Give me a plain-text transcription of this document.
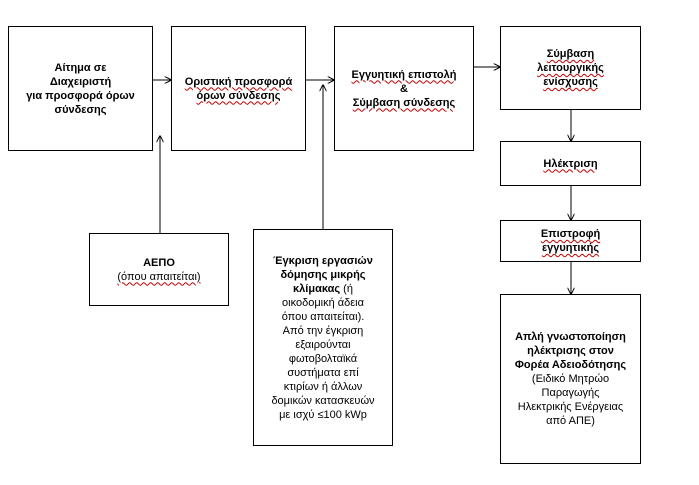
Αίτημα σε
Διαχειριστή
για προσφορά όρων
σύνδεσης
Οριστική προσφορά
όρων σύνδεσης
Εγγυητική επιστολή
&
Σύμβαση σύνδεσης
Σύμβαση
λειτουργικής
ενίσχυσης
Ηλέκτριση
Επιστροφή
εγγυητικής
ΑΕΠΟ
(όπου απαιτείται)
Έγκριση εργασιών
δόμησης μικρής
κλίμακας (ή
οικοδομική άδεια
όπου απαιτείται).
Από την έγκριση
εξαιρούνται
φωτοβολταϊκά
συστήματα επί
κτιρίων ή άλλων
δομικών κατασκευών
με ισχύ ≤100 kWp
Απλή γνωστοποίηση
ηλέκτρισης στον
Φορέα Αδειοδότησης
(Ειδικό Μητρώο
Παραγωγής
Ηλεκτρικής Ενέργειας
από ΑΠΕ)
